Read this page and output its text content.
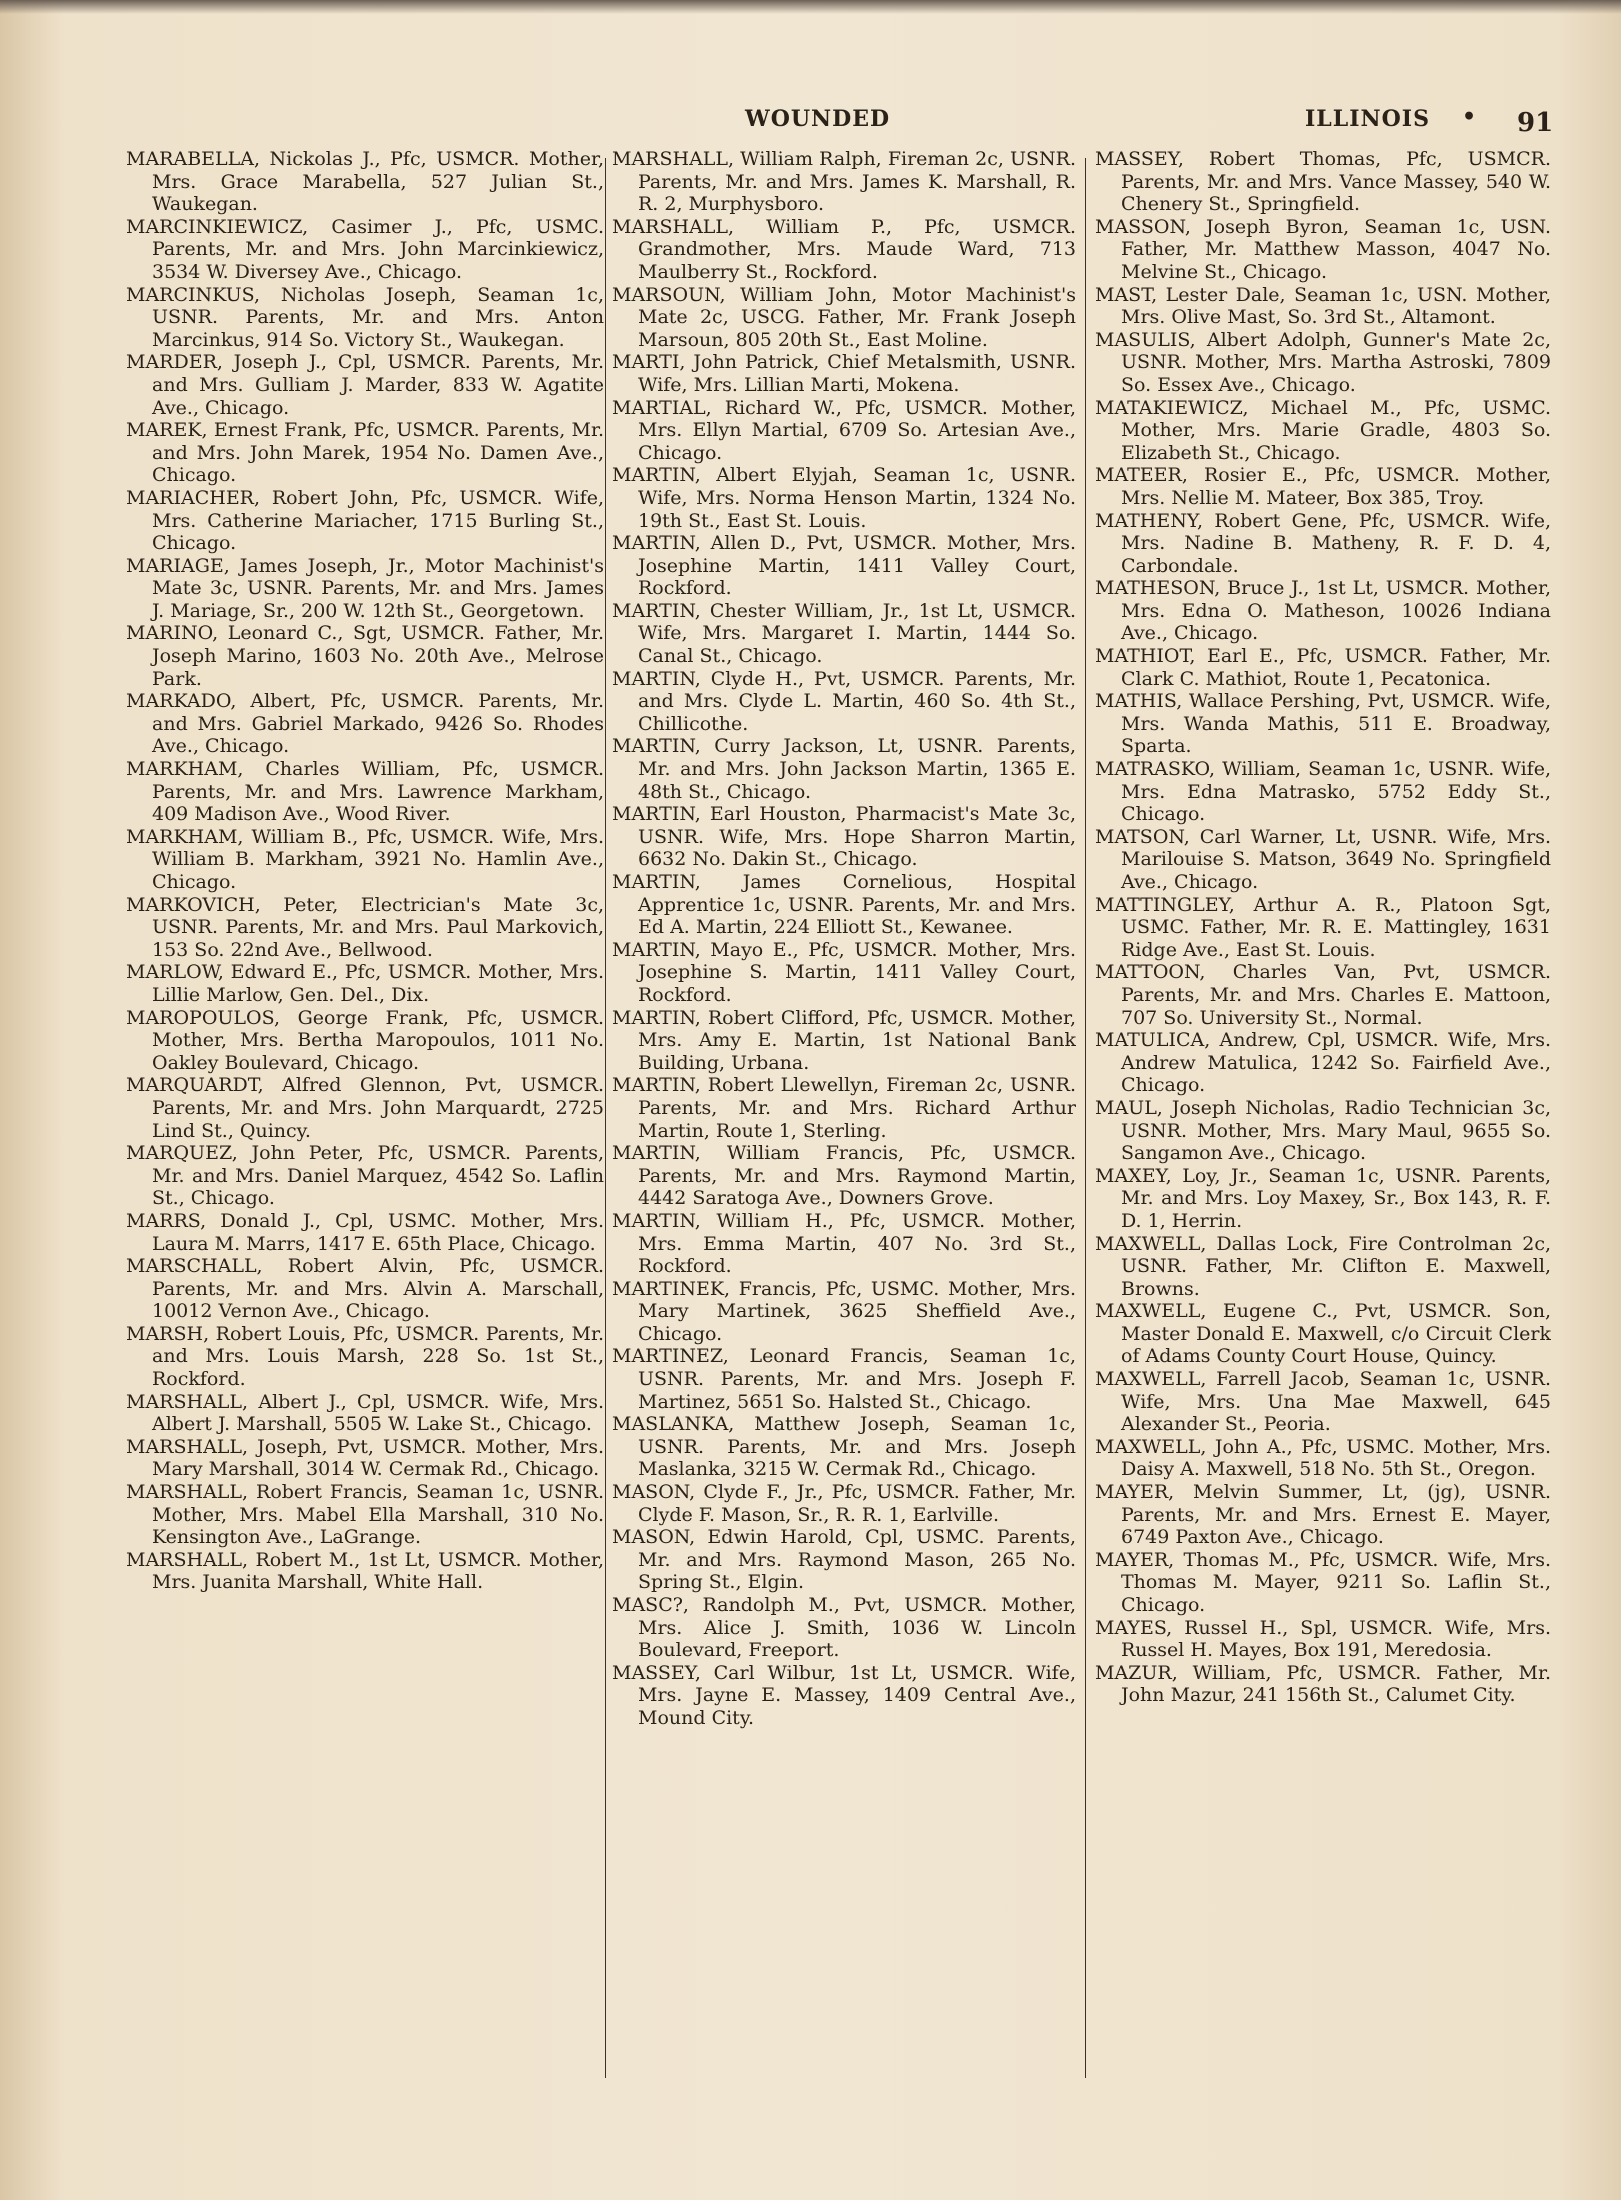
WOUNDED	ILLINOIS • 91

MARABELLA, Nickolas J., Pfc, USMCR. Mother, Mrs. Grace Marabella, 527 Julian St., Waukegan.

MARCINKIEWICZ, Casimer J., Pfc, USMC. Parents, Mr. and Mrs. John Marcinkiewicz, 3534 W. Diversey Ave., Chicago.

MARCINKUS, Nicholas Joseph, Seaman 1c, USNR. Parents, Mr. and Mrs. Anton Marcinkus, 914 So. Victory St., Waukegan.

MARDER, Joseph J., Cpl, USMCR. Parents, Mr. and Mrs. Gulliam J. Marder, 833 W. Agatite Ave., Chicago.

MAREK, Ernest Frank, Pfc, USMCR. Parents, Mr. and Mrs. John Marek, 1954 No. Damen Ave., Chicago.

MARIACHER, Robert John, Pfc, USMCR. Wife, Mrs. Catherine Mariacher, 1715 Burling St., Chicago.

MARIAGE, James Joseph, Jr., Motor Machinist's Mate 3c, USNR. Parents, Mr. and Mrs. James J. Mariage, Sr., 200 W. 12th St., Georgetown.

MARINO, Leonard C., Sgt, USMCR. Father, Mr. Joseph Marino, 1603 No. 20th Ave., Melrose Park.

MARKADO, Albert, Pfc, USMCR. Parents, Mr. and Mrs. Gabriel Markado, 9426 So. Rhodes Ave., Chicago.

MARKHAM, Charles William, Pfc, USMCR. Parents, Mr. and Mrs. Lawrence Markham, 409 Madison Ave., Wood River.

MARKHAM, William B., Pfc, USMCR. Wife, Mrs. William B. Markham, 3921 No. Hamlin Ave., Chicago.

MARKOVICH, Peter, Electrician's Mate 3c, USNR. Parents, Mr. and Mrs. Paul Markovich, 153 So. 22nd Ave., Bellwood.

MARLOW, Edward E., Pfc, USMCR. Mother, Mrs. Lillie Marlow, Gen. Del., Dix.

MAROPOULOS, George Frank, Pfc, USMCR. Mother, Mrs. Bertha Maropoulos, 1011 No. Oakley Boulevard, Chicago.

MARQUARDT, Alfred Glennon, Pvt, USMCR. Parents, Mr. and Mrs. John Marquardt, 2725 Lind St., Quincy.

MARQUEZ, John Peter, Pfc, USMCR. Parents, Mr. and Mrs. Daniel Marquez, 4542 So. Laflin St., Chicago.

MARRS, Donald J., Cpl, USMC. Mother, Mrs. Laura M. Marrs, 1417 E. 65th Place, Chicago.

MARSCHALL, Robert Alvin, Pfc, USMCR. Parents, Mr. and Mrs. Alvin A. Marschall, 10012 Vernon Ave., Chicago.

MARSH, Robert Louis, Pfc, USMCR. Parents, Mr. and Mrs. Louis Marsh, 228 So. 1st St., Rockford.

MARSHALL, Albert J., Cpl, USMCR. Wife, Mrs. Albert J. Marshall, 5505 W. Lake St., Chicago.

MARSHALL, Joseph, Pvt, USMCR. Mother, Mrs. Mary Marshall, 3014 W. Cermak Rd., Chicago.

MARSHALL, Robert Francis, Seaman 1c, USNR. Mother, Mrs. Mabel Ella Marshall, 310 No. Kensington Ave., LaGrange.

MARSHALL, Robert M., 1st Lt, USMCR. Mother, Mrs. Juanita Marshall, White Hall.

MARSHALL, William Ralph, Fireman 2c, USNR. Parents, Mr. and Mrs. James K. Marshall, R. R. 2, Murphysboro.

MARSHALL, William P., Pfc, USMCR. Grandmother, Mrs. Maude Ward, 713 Maulberry St., Rockford.

MARSOUN, William John, Motor Machinist's Mate 2c, USCG. Father, Mr. Frank Joseph Marsoun, 805 20th St., East Moline.

MARTI, John Patrick, Chief Metalsmith, USNR. Wife, Mrs. Lillian Marti, Mokena.

MARTIAL, Richard W., Pfc, USMCR. Mother, Mrs. Ellyn Martial, 6709 So. Artesian Ave., Chicago.

MARTIN, Albert Elyjah, Seaman 1c, USNR. Wife, Mrs. Norma Henson Martin, 1324 No. 19th St., East St. Louis.

MARTIN, Allen D., Pvt, USMCR. Mother, Mrs. Josephine Martin, 1411 Valley Court, Rockford.

MARTIN, Chester William, Jr., 1st Lt, USMCR. Wife, Mrs. Margaret I. Martin, 1444 So. Canal St., Chicago.

MARTIN, Clyde H., Pvt, USMCR. Parents, Mr. and Mrs. Clyde L. Martin, 460 So. 4th St., Chillicothe.

MARTIN, Curry Jackson, Lt, USNR. Parents, Mr. and Mrs. John Jackson Martin, 1365 E. 48th St., Chicago.

MARTIN, Earl Houston, Pharmacist's Mate 3c, USNR. Wife, Mrs. Hope Sharron Martin, 6632 No. Dakin St., Chicago.

MARTIN, James Cornelious, Hospital Apprentice 1c, USNR. Parents, Mr. and Mrs. Ed A. Martin, 224 Elliott St., Kewanee.

MARTIN, Mayo E., Pfc, USMCR. Mother, Mrs. Josephine S. Martin, 1411 Valley Court, Rockford.

MARTIN, Robert Clifford, Pfc, USMCR. Mother, Mrs. Amy E. Martin, 1st National Bank Building, Urbana.

MARTIN, Robert Llewellyn, Fireman 2c, USNR. Parents, Mr. and Mrs. Richard Arthur Martin, Route 1, Sterling.

MARTIN, William Francis, Pfc, USMCR. Parents, Mr. and Mrs. Raymond Martin, 4442 Saratoga Ave., Downers Grove.

MARTIN, William H., Pfc, USMCR. Mother, Mrs. Emma Martin, 407 No. 3rd St., Rockford.

MARTINEK, Francis, Pfc, USMC. Mother, Mrs. Mary Martinek, 3625 Sheffield Ave., Chicago.

MARTINEZ, Leonard Francis, Seaman 1c, USNR. Parents, Mr. and Mrs. Joseph F. Martinez, 5651 So. Halsted St., Chicago.

MASLANKA, Matthew Joseph, Seaman 1c, USNR. Parents, Mr. and Mrs. Joseph Maslanka, 3215 W. Cermak Rd., Chicago.

MASON, Clyde F., Jr., Pfc, USMCR. Father, Mr. Clyde F. Mason, Sr., R. R. 1, Earlville.

MASON, Edwin Harold, Cpl, USMC. Parents, Mr. and Mrs. Raymond Mason, 265 No. Spring St., Elgin.

MASC?, Randolph M., Pvt, USMCR. Mother, Mrs. Alice J. Smith, 1036 W. Lincoln Boulevard, Freeport.

MASSEY, Carl Wilbur, 1st Lt, USMCR. Wife, Mrs. Jayne E. Massey, 1409 Central Ave., Mound City.

MASSEY, Robert Thomas, Pfc, USMCR. Parents, Mr. and Mrs. Vance Massey, 540 W. Chenery St., Springfield.

MASSON, Joseph Byron, Seaman 1c, USN. Father, Mr. Matthew Masson, 4047 No. Melvine St., Chicago.

MAST, Lester Dale, Seaman 1c, USN. Mother, Mrs. Olive Mast, So. 3rd St., Altamont.

MASULIS, Albert Adolph, Gunner's Mate 2c, USNR. Mother, Mrs. Martha Astroski, 7809 So. Essex Ave., Chicago.

MATAKIEWICZ, Michael M., Pfc, USMC. Mother, Mrs. Marie Gradle, 4803 So. Elizabeth St., Chicago.

MATEER, Rosier E., Pfc, USMCR. Mother, Mrs. Nellie M. Mateer, Box 385, Troy.

MATHENY, Robert Gene, Pfc, USMCR. Wife, Mrs. Nadine B. Matheny, R. F. D. 4, Carbondale.

MATHESON, Bruce J., 1st Lt, USMCR. Mother, Mrs. Edna O. Matheson, 10026 Indiana Ave., Chicago.

MATHIOT, Earl E., Pfc, USMCR. Father, Mr. Clark C. Mathiot, Route 1, Pecatonica.

MATHIS, Wallace Pershing, Pvt, USMCR. Wife, Mrs. Wanda Mathis, 511 E. Broadway, Sparta.

MATRASKO, William, Seaman 1c, USNR. Wife, Mrs. Edna Matrasko, 5752 Eddy St., Chicago.

MATSON, Carl Warner, Lt, USNR. Wife, Mrs. Marilouise S. Matson, 3649 No. Springfield Ave., Chicago.

MATTINGLEY, Arthur A. R., Platoon Sgt, USMC. Father, Mr. R. E. Mattingley, 1631 Ridge Ave., East St. Louis.

MATTOON, Charles Van, Pvt, USMCR. Parents, Mr. and Mrs. Charles E. Mattoon, 707 So. University St., Normal.

MATULICA, Andrew, Cpl, USMCR. Wife, Mrs. Andrew Matulica, 1242 So. Fairfield Ave., Chicago.

MAUL, Joseph Nicholas, Radio Technician 3c, USNR. Mother, Mrs. Mary Maul, 9655 So. Sangamon Ave., Chicago.

MAXEY, Loy, Jr., Seaman 1c, USNR. Parents, Mr. and Mrs. Loy Maxey, Sr., Box 143, R. F. D. 1, Herrin.

MAXWELL, Dallas Lock, Fire Controlman 2c, USNR. Father, Mr. Clifton E. Maxwell, Browns.

MAXWELL, Eugene C., Pvt, USMCR. Son, Master Donald E. Maxwell, c/o Circuit Clerk of Adams County Court House, Quincy.

MAXWELL, Farrell Jacob, Seaman 1c, USNR. Wife, Mrs. Una Mae Maxwell, 645 Alexander St., Peoria.

MAXWELL, John A., Pfc, USMC. Mother, Mrs. Daisy A. Maxwell, 518 No. 5th St., Oregon.

MAYER, Melvin Summer, Lt, (jg), USNR. Parents, Mr. and Mrs. Ernest E. Mayer, 6749 Paxton Ave., Chicago.

MAYER, Thomas M., Pfc, USMCR. Wife, Mrs. Thomas M. Mayer, 9211 So. Laflin St., Chicago.

MAYES, Russel H., Spl, USMCR. Wife, Mrs. Russel H. Mayes, Box 191, Meredosia.

MAZUR, William, Pfc, USMCR. Father, Mr. John Mazur, 241 156th St., Calumet City.
